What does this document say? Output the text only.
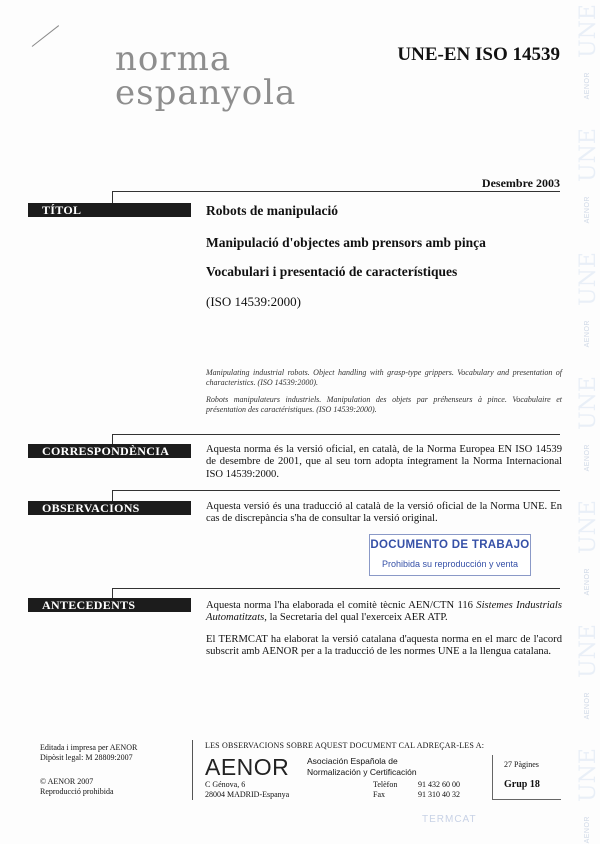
norma
espanyola
UNE-EN ISO 14539
Desembre 2003
TÍTOL	Robots de manipulació
Manipulació d'objectes amb prensors amb pinça
Vocabulari i presentació de característiques
(ISO 14539:2000)
Manipulating industrial robots. Object handling with grasp-type grippers. Vocabulary and presentation of characteristics. (ISO 14539:2000).
Robots manipulateurs industriels. Manipulation des objets par préhenseurs à pince. Vocabulaire et présentation des caractéristiques. (ISO 14539:2000).
CORRESPONDÈNCIA	Aquesta norma és la versió oficial, en català, de la Norma Europea EN ISO 14539 de desembre de 2001, que al seu torn adopta íntegrament la Norma Internacional ISO 14539:2000.
OBSERVACIONS	Aquesta versió és una traducció al català de la versió oficial de la Norma UNE. En cas de discrepància s'ha de consultar la versió original.
DOCUMENTO DE TRABAJO
Prohibida su reproducción y venta
ANTECEDENTS	Aquesta norma l'ha elaborada el comitè tècnic AEN/CTN 116 Sistemes Industrials Automatitzats, la Secretaria del qual l'exerceix AER ATP.
El TERMCAT ha elaborat la versió catalana d'aquesta norma en el marc de l'acord subscrit amb AENOR per a la traducció de les normes UNE a la llengua catalana.
Editada i impresa per AENOR
Dipòsit legal: M 28809:2007
© AENOR 2007
Reproducció prohibida
LES OBSERVACIONS SOBRE AQUEST DOCUMENT CAL ADREÇAR-LES A:
AENOR Asociación Española de
Normalización y Certificación
C Génova, 6
28004 MADRID-Espanya
Telèfon	91 432 60 00
Fax	91 310 40 32
27 Pàgines
Grup 18
TERMCAT
UNE
AENOR
UNE
AENOR
UNE
AENOR
UNE
AENOR
UNE
AENOR
UNE
AENOR
UNE
AENOR
